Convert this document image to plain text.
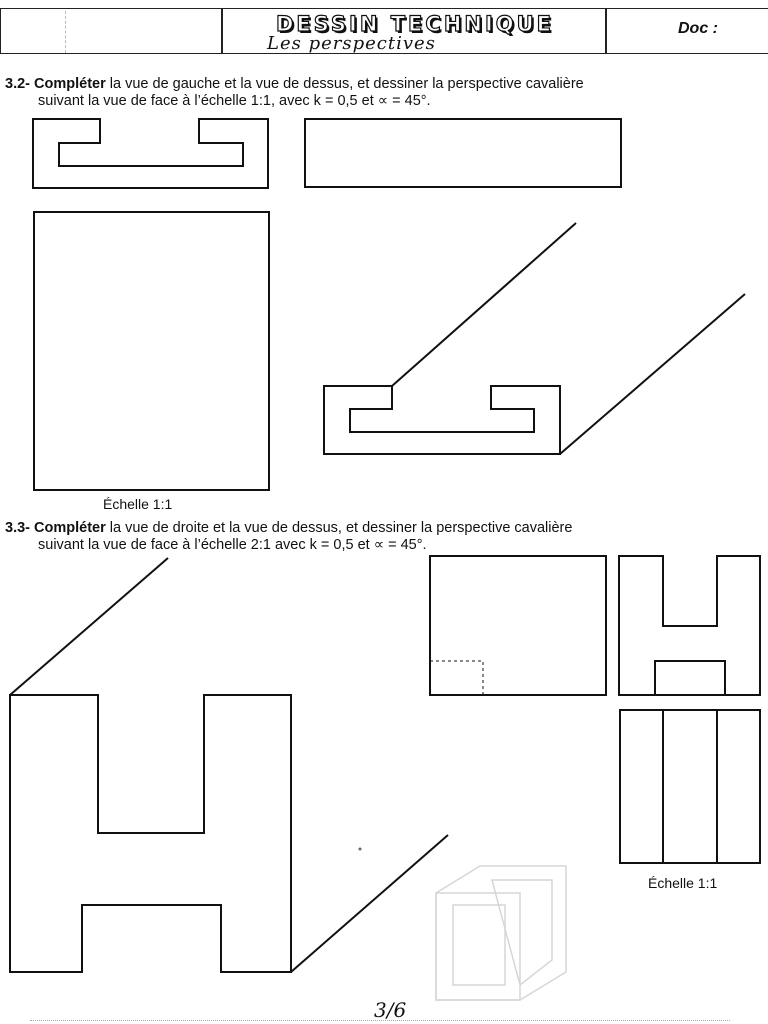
DESSIN TECHNIQUE
Les perspectives
Doc :
3.2- Compléter la vue de gauche et la vue de dessus, et dessiner la perspective cavalière
suivant la vue de face à l’échelle 1:1, avec k = 0,5 et ∝ = 45°.
3.3- Compléter la vue de droite et la vue de dessus, et dessiner la perspective cavalière
suivant la vue de face à l’échelle 2:1 avec k = 0,5 et ∝ = 45°.
Échelle 1:1
Échelle 1:1
3/6
